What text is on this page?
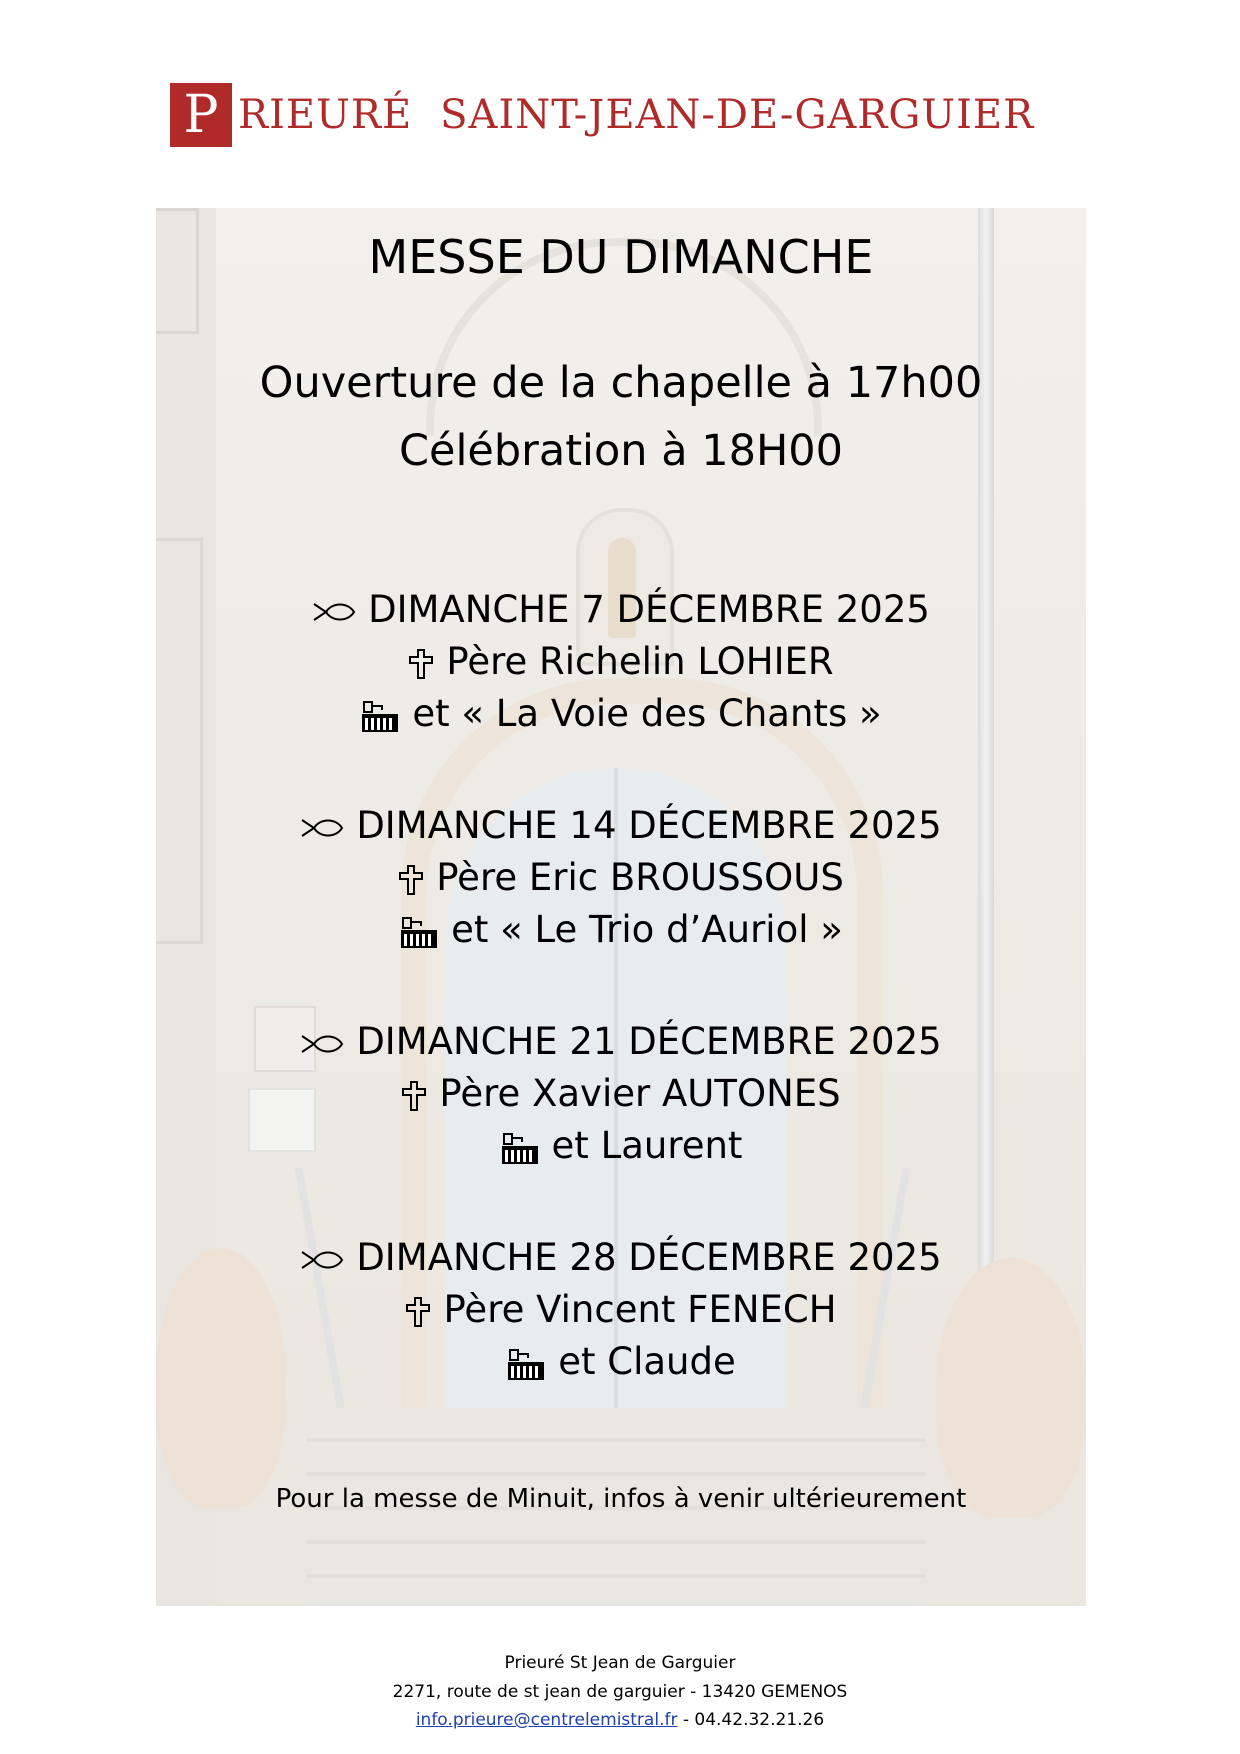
P RIEURÉ SAINT-JEAN-DE-GARGUIER
MESSE DU DIMANCHE
Ouverture de la chapelle à 17h00
Célébration à 18H00
DIMANCHE 7 DÉCEMBRE 2025
Père Richelin LOHIER
et « La Voie des Chants »
DIMANCHE 14 DÉCEMBRE 2025
Père Eric BROUSSOUS
et « Le Trio d’Auriol »
DIMANCHE 21 DÉCEMBRE 2025
Père Xavier AUTONES
et Laurent
DIMANCHE 28 DÉCEMBRE 2025
Père Vincent FENECH
et Claude
Pour la messe de Minuit, infos à venir ultérieurement
Prieuré St Jean de Garguier
2271, route de st jean de garguier - 13420 GEMENOS
info.prieure@centrelemistral.fr - 04.42.32.21.26
